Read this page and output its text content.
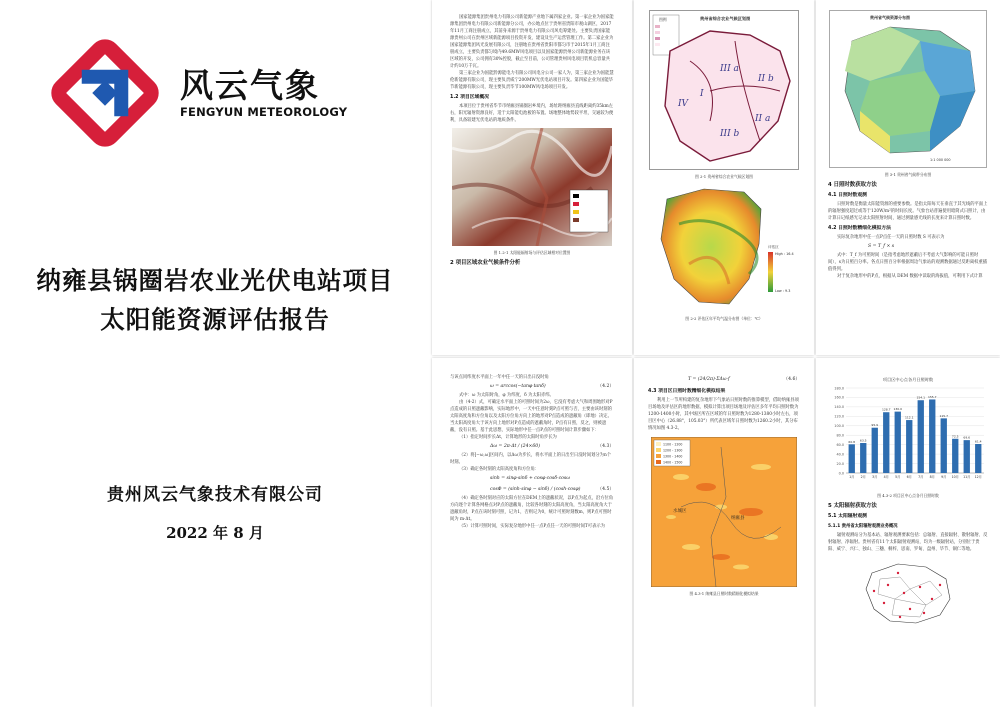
风云气象
FENGYUN METEOROLOGY
纳雍县锅圈岩农业光伏电站项目
太阳能资源评估报告
贵州风云气象技术有限公司
2022 年 8 月

国家能源集团贵州电力有限公司新能源产业地下属四家企业。第一家企业为国家能源集团贵州电力有限公司新能源分公司，办公地点位于贵州省贵阳市观山湖区，2017年11月工商注册成立，其前身来源于贵州电力有限公司风电筹建处。主要负责国家能源贵州公司在贵州区域新能源项目投资开发、建设及生产运营管理工作。第二家企业为国家能源集团风光发展有限公司，注册地在贵州省贵阳市都匀市于2015年1月工商注册成立，主要负责都匀境内49.6MW风电项目以及国家能源贵州公司新能源业务在该区域的开发，公司拥有30%控股，截止至目前，公司管理贵州风电项目装机总容量共计约10万千瓦。

第三家企业为国能黔源能电力有限公司风电分公司一家人为，第三家企业为国能慧伦新能源有限公司，现主要负责威宁200MW光伏电站项目开发。第四家企业为国能毕节新能源有限公司，现主要负责毕节100MW风电场项目开发。

1.2 项目区域概况

本项目位于贵州省毕节市纳雍县锅圈岩乡境内，场址距纳雍县直线距离约35km左右，阳光辐射资源良好，适于太阳能电池板的布置。场地整体地势较平坦，交通较为便利，具备较建光伏电站的地质条件。

图 1.2-1 太阳能辐射场与评估区域相对位置图
2 项目区域农业气候条件分析

与该点同纬度水平面上一年中任一天的日出日没时角

ω = arccos(−tanφ·tanδ)	（4.2）

式中：ω 为太阳时角，φ 为纬度，δ 为太阳赤纬。

由（4-2）式，可确定水平面上的可照时间为2ω，它没有考虑大气和周围地形对P点造成的日照遮蔽影响，实际地形中，一天中任意时刻P点可照与否，主要由该时刻的太阳高度角和方位角以及太阳方位角方向上的地形对P点造成的遮蔽角（即地）决定。当太阳高度角大于该方向上地形对P点造成的遮蔽角时，P点有日照，反之，则被遮蔽，没有日照。基于此思想，实际地形中任一点P点的可照时间计算步骤如下：

（1）指定时间步长Δt，计算地形的太阳时角步长为

Δω = 2π·Δt / (24×60)	（4.3）

（2）将[−ω,ω]区间内，以Δω为步长，将水平面上的日出至日没时间划分为n个时刻。

（3）确定各时刻的太阳高度角和方位角：

sinh = sinφ·sinδ + cosφ·cosδ·cosω
cosΦ = (sinh·sinφ − sinδ) / (cosh·cosφ)	（4.5）

（4）确定各时刻对应的太阳方位在DEM上的遮蔽状况，以P点为起点，沿方位角方向逐个计算各网格点对P点的遮蔽角，比较各时刻的太阳高度角，当太阳高度角大于遮蔽角时，P点在该时刻可照，记为1，否则记为0，统计可照时刻数m，则P点可照时间为 m·Δt。

（5）计算可照时间，实际复杂地形中任一点P点任一天的可照时间T可表示为

贵州省综合农业气候区划图
图例
IV
III a
II b
II a
III b
I
图 2-1 贵州省综合农业气候区划图
评估区
High : 16.4
Low : 9.3
图 2-2 评估区年平均气温分布图（单位：℃）
T = (24/2π)·ΣΔω·f	（4.6）
4.3 项目区日照时数精细化模拟结果

利用上一节所构建的复杂地形下气象站日照时数的推算模型，借助纳雍县项目场地及评估区的地形数据，模拟计算出项目场地及评估区多年平均日照时数为1200-1400小时，其中场区所在区域的年日照时数为1280-1380小时左右，项目区中心（26.88°，105.03°）所代表区域年日照时数为1260.2小时，其分布情况如图 4.3-2。

1100 - 1200
1200 - 1300
1300 - 1400
1400 - 1500
水城区
纳雍县
图 4.3-1 纳雍县日照时数精细化模拟结果
贵州省气候资源分布图
1:1 000 000
图 3-1 贵州省气候带分布图
4 日照时数获取方法
4.1 日照时数观测

日照时数是衡量太阳能资源的重要参数。是指太阳每天在垂直于其光线的平面上的辐射强度超过或等于120W/m²的时间长度。气象台站普遍使用暗筒式日照计，由计算日记纸感光记录太阳照射时间，通过测量感光线的长度来计算日照时数。

4.2 日照时数精细化模拟方法

实际复杂地形中任一点P点任一天的日照时数 S 可表示为

S = T_f × s

式中：T_f 为可照时间（是指考虑地形遮蔽后不考虑大气影响的可能日照时间），s为日照百分率。各点日照百分率根据周边气象站的观测数据通过反距离权重插值得到。

对于复杂地形中的P点，根据从 DEM 数据中读取的海拔值，可利用下式计算

项目区中心点各月日照时数
0.0
20.0
40.0
60.0
80.0
100.0
120.0
140.0
160.0
180.0
60.8
1月
63.5
2月
95.9
3月
128.7
4月
130.0
5月
112.1
6月
154.1
7月
155.7
8月
115.7
9月
72.5
10月
69.6
11月
61.4
12月
图 4.3-2 项目区中心点各月日照时数
5 太阳辐射获取方法
5.1 太阳辐射观测
5.1.1 贵州省太阳辐射观测业务概况

辐射观测站分为基本站、辐射观测要素包括：总辐射、直接辐射、散射辐射、反射辐射、净辐射。贵州省有11个太阳辐射观测站，均为一级辐射站，分别位于贵阳、威宁、兴仁、独山、三穗、桐梓、思南、罗甸、盘州、毕节、铜仁等地。
